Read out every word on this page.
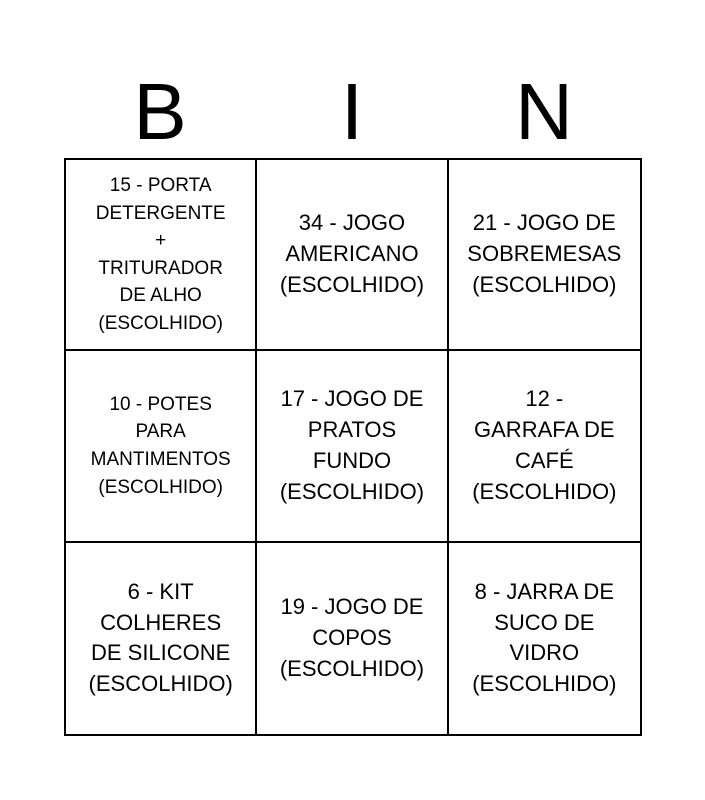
B	I	N
15 - PORTA
DETERGENTE
+
TRITURADOR
DE ALHO
(ESCOLHIDO)
34 - JOGO
AMERICANO
(ESCOLHIDO)
21 - JOGO DE
SOBREMESAS
(ESCOLHIDO)
10 - POTES
PARA
MANTIMENTOS
(ESCOLHIDO)
17 - JOGO DE
PRATOS
FUNDO
(ESCOLHIDO)
12 -
GARRAFA DE
CAFÉ
(ESCOLHIDO)
6 - KIT
COLHERES
DE SILICONE
(ESCOLHIDO)
19 - JOGO DE
COPOS
(ESCOLHIDO)
8 - JARRA DE
SUCO DE
VIDRO
(ESCOLHIDO)
